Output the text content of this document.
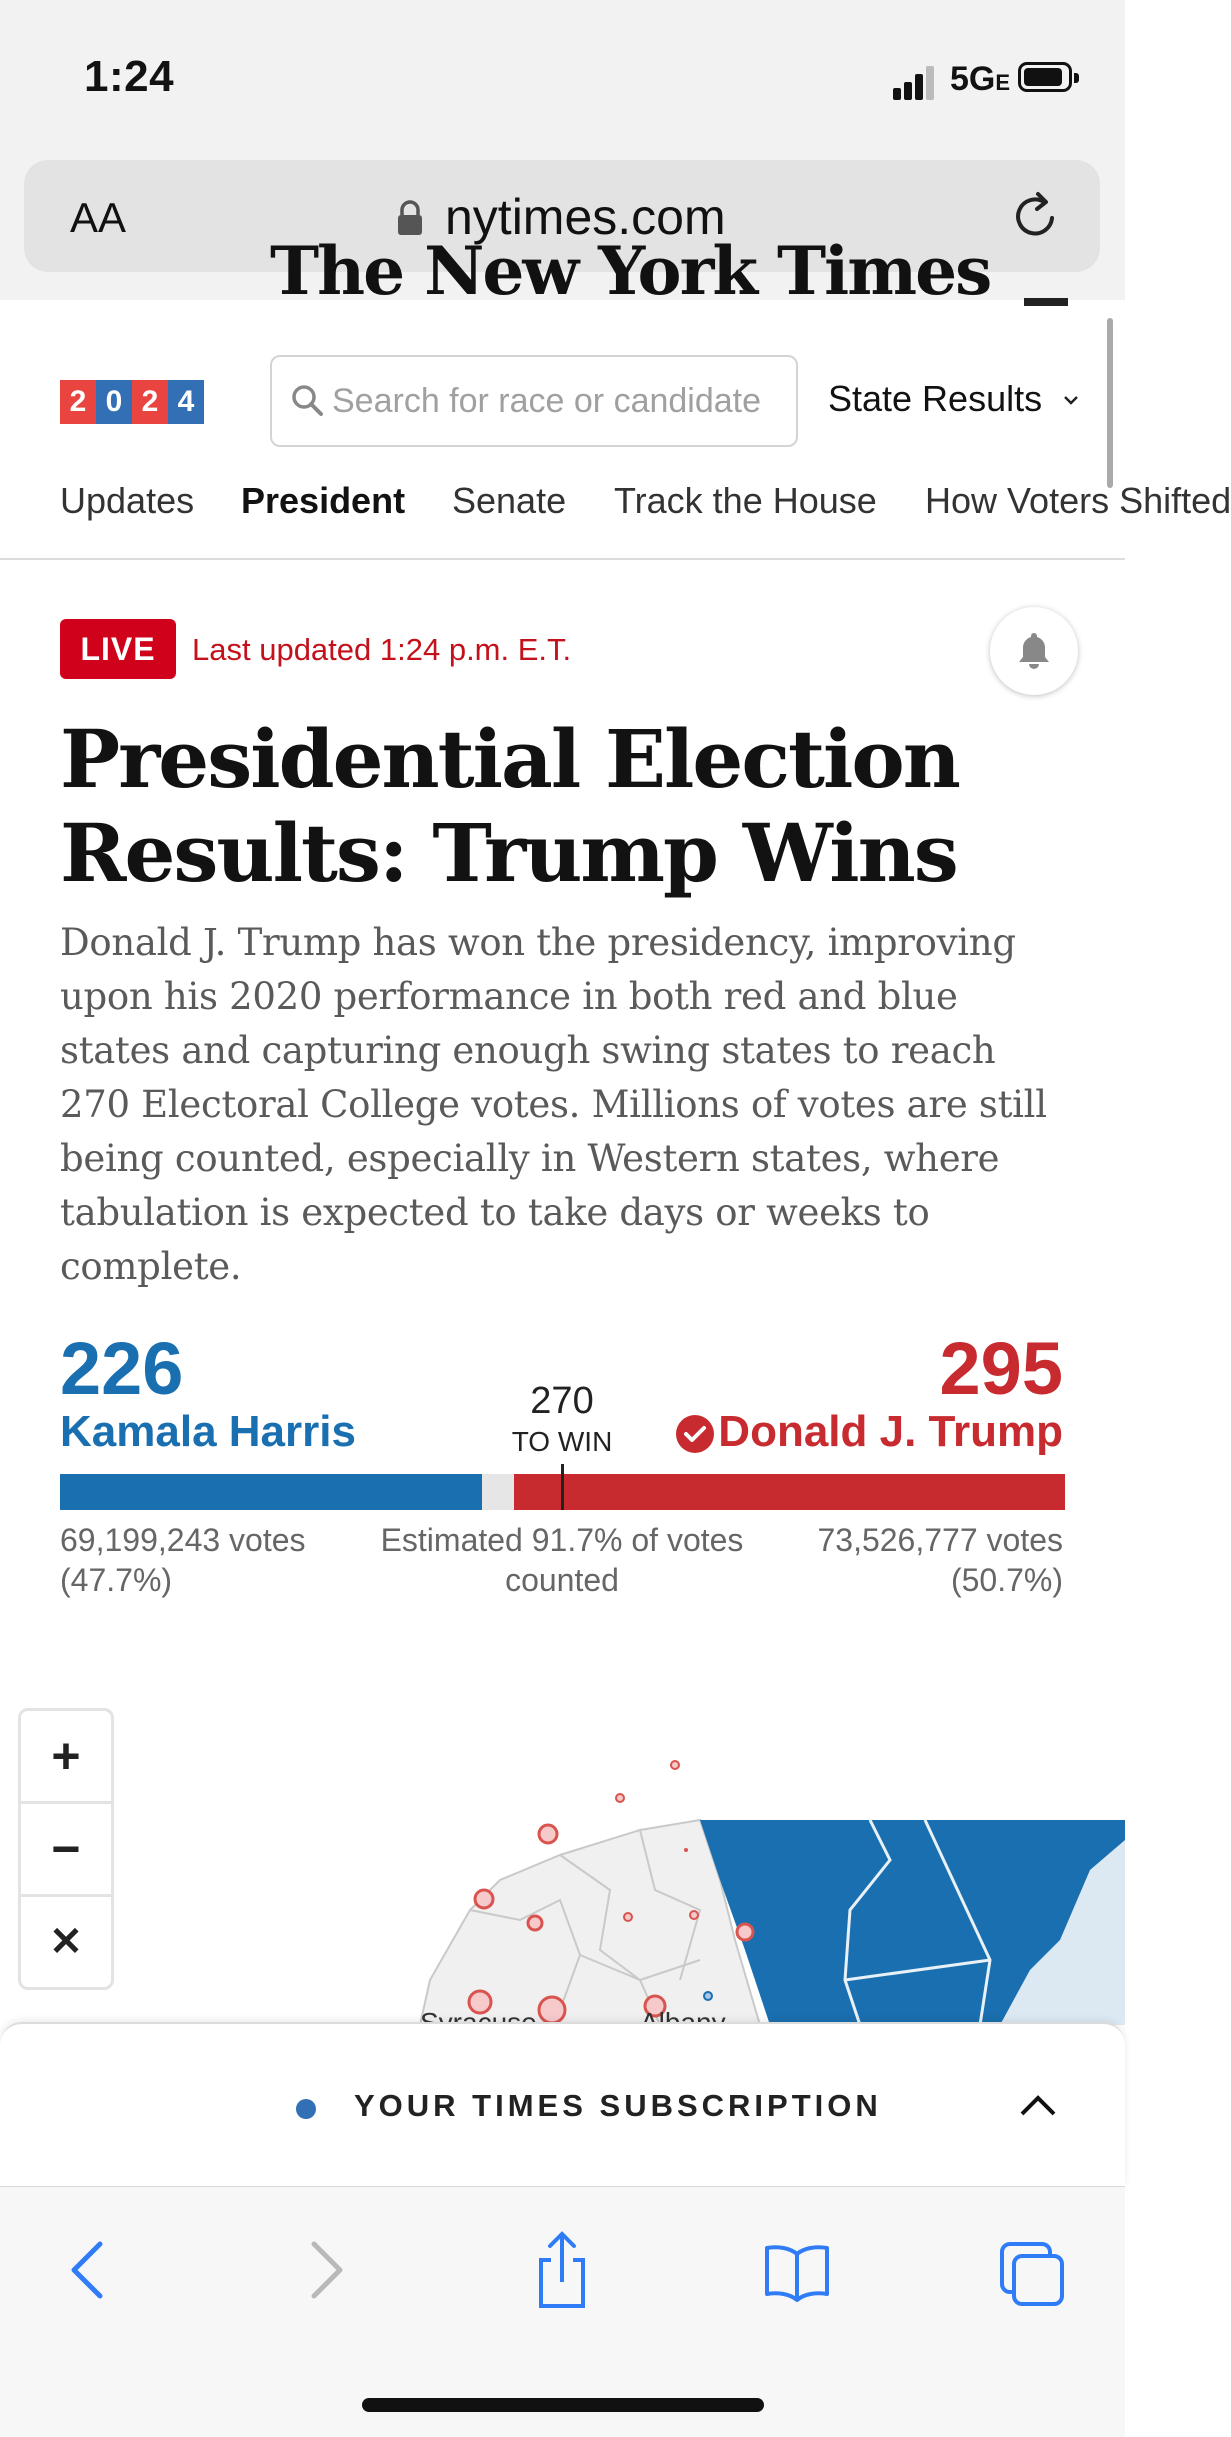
1:24	5GE
AA	nytimes.com
The New York Times
2 0 2 4
Search for race or candidate	State Results
Updates President Senate Track the House How Voters Shifted
LIVE	Last updated 1:24 p.m. E.T.
Presidential Election Results: Trump Wins
Donald J. Trump has won the presidency, improving upon his 2020 performance in both red and blue states and capturing enough swing states to reach 270 Electoral College votes. Millions of votes are still being counted, especially in Western states, where tabulation is expected to take days or weeks to complete.
226
Kamala Harris
295
Donald J. Trump
270
TO WIN
69,199,243 votes
(47.7%)
Estimated 91.7% of votes counted
73,526,777 votes
(50.7%)
+
−
✕
YOUR TIMES SUBSCRIPTION
